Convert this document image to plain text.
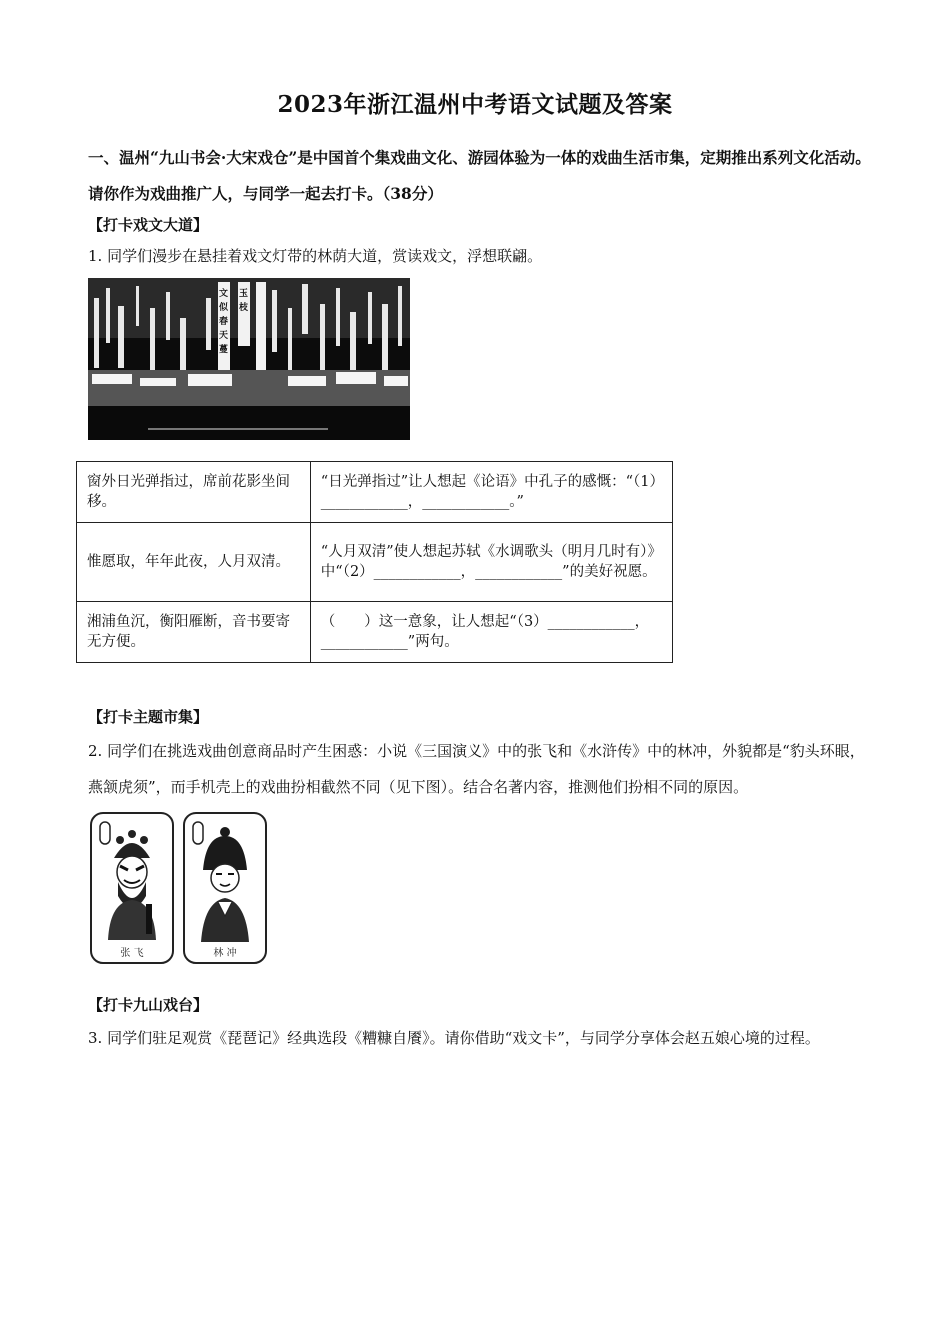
2023年浙江温州中考语文试题及答案
一、温州“九山书会·大宋戏仓”是中国首个集戏曲文化、游园体验为一体的戏曲生活市集，定期推出系列文化活动。请你作为戏曲推广人，与同学一起去打卡。（38分）
【打卡戏文大道】
1. 同学们漫步在悬挂着戏文灯带的林荫大道，赏读戏文，浮想联翩。
文
似
春
天
蔓
玉
枝
窗外日光弹指过，席前花影坐间移。	“日光弹指过”让人想起《论语》中孔子的感慨：“（1）____________，____________。”
惟愿取，年年此夜，人月双清。	“人月双清”使人想起苏轼《水调歌头（明月几时有）》中“（2）____________，____________”的美好祝愿。
湘浦鱼沉，衡阳雁断，音书要寄无方便。	（　　）这一意象，让人想起“（3）____________，____________”两句。
【打卡主题市集】
2. 同学们在挑选戏曲创意商品时产生困惑：小说《三国演义》中的张飞和《水浒传》中的林冲，外貌都是“豹头环眼，燕颔虎须”，而手机壳上的戏曲扮相截然不同（见下图）。结合名著内容，推测他们扮相不同的原因。
张 飞	林 冲
【打卡九山戏台】
3. 同学们驻足观赏《琵琶记》经典选段《糟糠自餍》。请你借助“戏文卡”，与同学分享体会赵五娘心境的过程。
